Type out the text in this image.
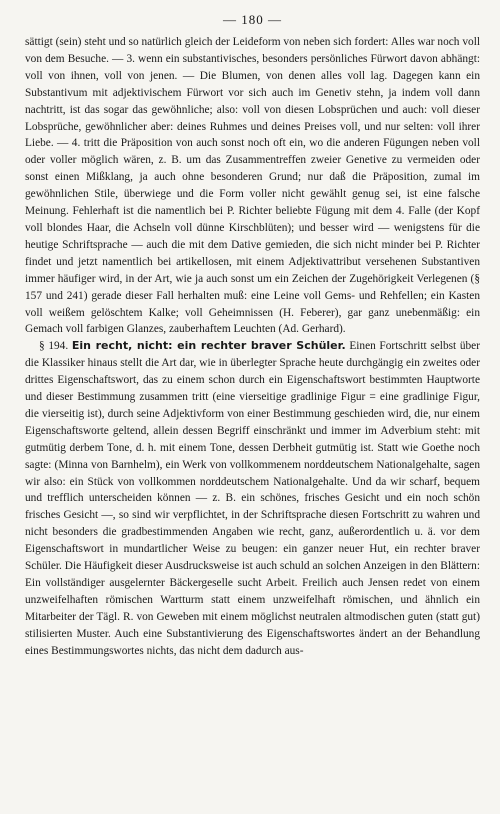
— 180 —

sättigt (sein) steht und so natürlich gleich der Leideform von neben sich fordert: Alles war noch voll von dem Besuche. — 3. wenn ein substantivisches, besonders persönliches Fürwort davon abhängt: voll von ihnen, voll von jenen. — Die Blumen, von denen alles voll lag. Dagegen kann ein Substantivum mit adjektivischem Fürwort vor sich auch im Genetiv stehn, ja indem voll dann nachtritt, ist das sogar das gewöhnliche; also: voll von diesen Lobsprüchen und auch: voll dieser Lobsprüche, gewöhnlicher aber: deines Ruhmes und deines Preises voll, und nur selten: voll ihrer Liebe. — 4. tritt die Präposition von auch sonst noch oft ein, wo die anderen Fügungen neben voll oder voller möglich wären, z. B. um das Zusammentreffen zweier Genetive zu vermeiden oder sonst einen Mißklang, ja auch ohne besonderen Grund; nur daß die Präposition, zumal im gewöhnlichen Stile, überwiege und die Form voller nicht gewählt genug sei, ist eine falsche Meinung. Fehlerhaft ist die namentlich bei P. Richter beliebte Fügung mit dem 4. Falle (der Kopf voll blondes Haar, die Achseln voll dünne Kirschblüten); und besser wird — wenigstens für die heutige Schriftsprache — auch die mit dem Dative gemieden, die sich nicht minder bei P. Richter findet und jetzt namentlich bei artikellosen, mit einem Adjektivattribut versehenen Substantiven immer häufiger wird, in der Art, wie ja auch sonst um ein Zeichen der Zugehörigkeit Verlegenen (§ 157 und 241) gerade dieser Fall herhalten muß: eine Leine voll Gems- und Rehfellen; ein Kasten voll weißem gelöschtem Kalke; voll Geheimnissen (H. Feberer), gar ganz unebenmäßig: ein Gemach voll farbigen Glanzes, zauberhaftem Leuchten (Ad. Gerhard).

§ 194. Ein recht, nicht: ein rechter braver Schüler. Einen Fortschritt selbst über die Klassiker hinaus stellt die Art dar, wie in überlegter Sprache heute durchgängig ein zweites oder drittes Eigenschaftswort, das zu einem schon durch ein Eigenschaftswort bestimmten Hauptworte und dieser Bestimmung zusammen tritt (eine vierseitige gradlinige Figur = eine gradlinige Figur, die vierseitig ist), durch seine Adjektivform von einer Bestimmung geschieden wird, die, nur einem Eigenschaftsworte geltend, allein dessen Begriff einschränkt und immer im Adverbium steht: mit gutmütig derbem Tone, d. h. mit einem Tone, dessen Derbheit gutmütig ist. Statt wie Goethe noch sagte: (Minna von Barnhelm), ein Werk von vollkommenem norddeutschem Nationalgehalte, sagen wir also: ein Stück von vollkommen norddeutschem Nationalgehalte. Und da wir scharf, bequem und trefflich unterscheiden können — z. B. ein schönes, frisches Gesicht und ein noch schön frisches Gesicht —, so sind wir verpflichtet, in der Schriftsprache diesen Fortschritt zu wahren und nicht besonders die gradbestimmenden Angaben wie recht, ganz, außerordentlich u. ä. vor dem Eigenschaftswort in mundartlicher Weise zu beugen: ein ganzer neuer Hut, ein rechter braver Schüler. Die Häufigkeit dieser Ausdrucksweise ist auch schuld an solchen Anzeigen in den Blättern: Ein vollständiger ausgelernter Bäckergeselle sucht Arbeit. Freilich auch Jensen redet von einem unzweifelhaften römischen Wartturm statt einem unzweifelhaft römischen, und ähnlich ein Mitarbeiter der Tägl. R. von Geweben mit einem möglichst neutralen altmodischen guten (statt gut) stilisierten Muster. Auch eine Substantivierung des Eigenschaftswortes ändert an der Behandlung eines Bestimmungswortes nichts, das nicht dem dadurch aus-
